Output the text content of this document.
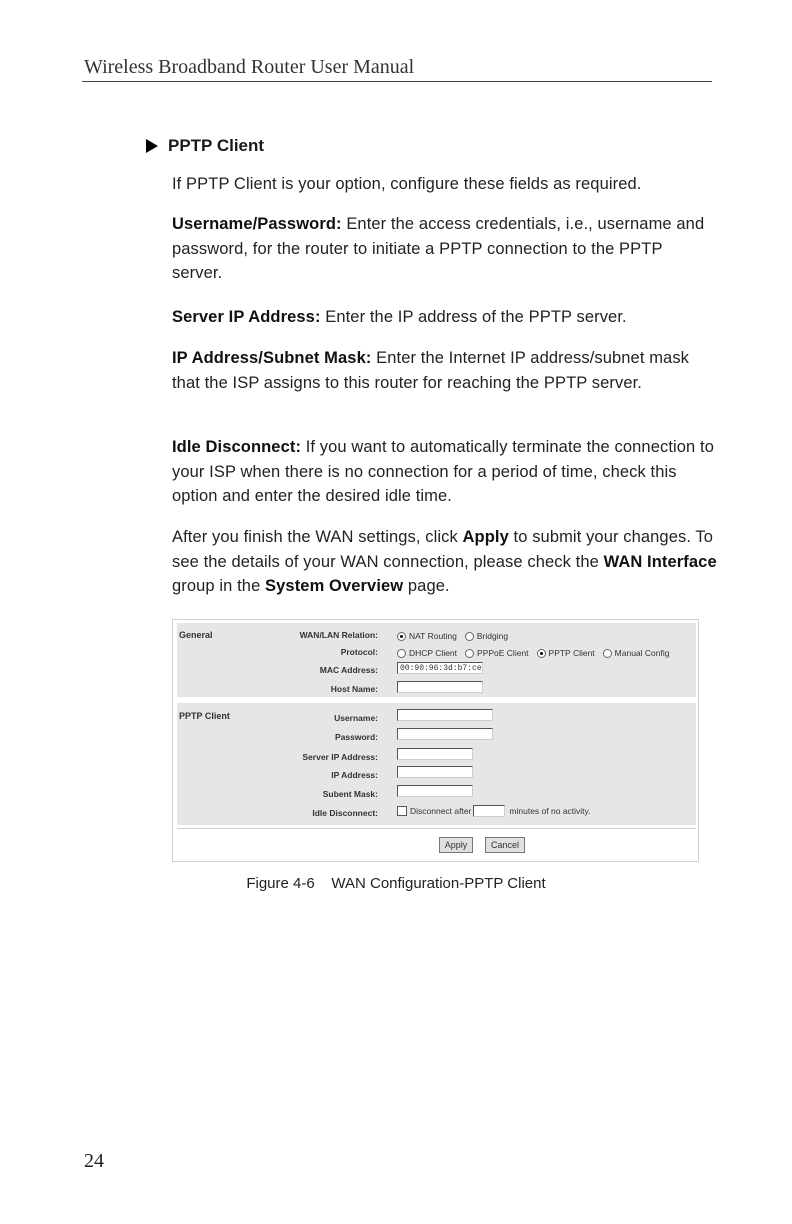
Wireless Broadband Router User Manual
PPTP Client
If PPTP Client is your option, configure these fields as required.
Username/Password: Enter the access credentials, i.e., username and password, for the router to initiate a PPTP connection to the PPTP server.
Server IP Address: Enter the IP address of the PPTP server.
IP Address/Subnet Mask: Enter the Internet IP address/subnet mask that the ISP assigns to this router for reaching the PPTP server.
Idle Disconnect: If you want to automatically terminate the connection to your ISP when there is no connection for a period of time, check this option and enter the desired idle time.
After you finish the WAN settings, click Apply to submit your changes. To see the details of your WAN connection, please check the WAN Interface group in the System Overview page.
General	WAN/LAN Relation:	NAT Routing Bridging
Protocol:	DHCP Client PPPoE Client PPTP Client Manual Config
MAC Address:	00:90:96:3d:b7:ce
Host Name:
PPTP Client	Username:
Password:
Server IP Address:
IP Address:
Subent Mask:
Idle Disconnect:	Disconnect after	minutes of no activity.
Apply	Cancel
Figure 4-6    WAN Configuration-PPTP Client
24
